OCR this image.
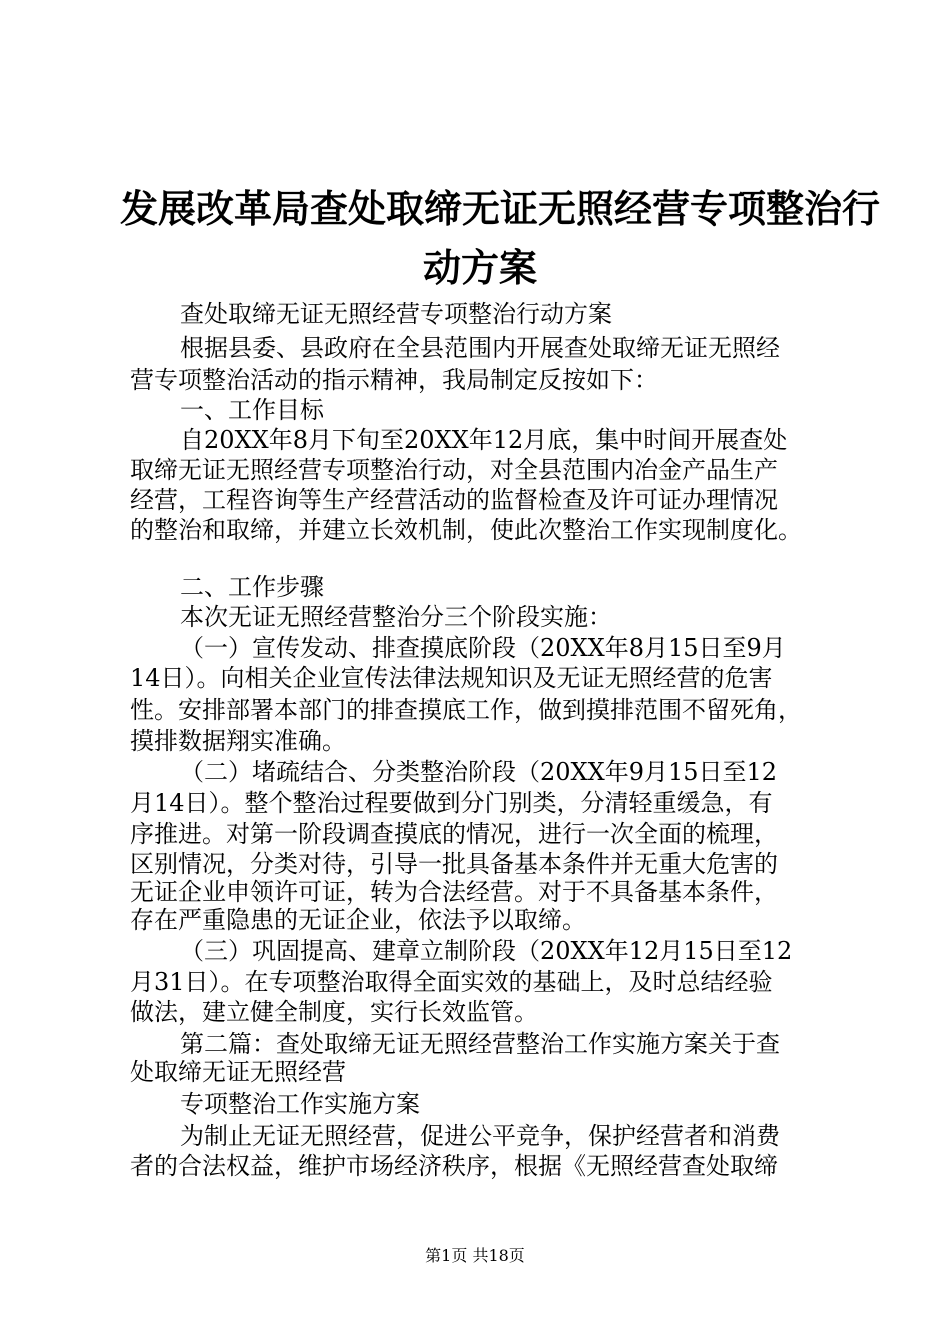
发展改革局查处取缔无证无照经营专项整治行
动方案
查处取缔无证无照经营专项整治行动方案
根据县委、县政府在全县范围内开展查处取缔无证无照经
营专项整治活动的指示精神，我局制定反按如下：
一、工作目标
自20XX年8月下旬至20XX年12月底，集中时间开展查处
取缔无证无照经营专项整治行动，对全县范围内冶金产品生产
经营，工程咨询等生产经营活动的监督检查及许可证办理情况
的整治和取缔，并建立长效机制，使此次整治工作实现制度化。
二、工作步骤
本次无证无照经营整治分三个阶段实施：
（一）宣传发动、排查摸底阶段（20XX年8月15日至9月
14日）。向相关企业宣传法律法规知识及无证无照经营的危害
性。安排部署本部门的排查摸底工作，做到摸排范围不留死角，
摸排数据翔实准确。
（二）堵疏结合、分类整治阶段（20XX年9月15日至12
月14日）。整个整治过程要做到分门别类，分清轻重缓急，有
序推进。对第一阶段调查摸底的情况，进行一次全面的梳理，
区别情况，分类对待，引导一批具备基本条件并无重大危害的
无证企业申领许可证，转为合法经营。对于不具备基本条件，
存在严重隐患的无证企业，依法予以取缔。
（三）巩固提高、建章立制阶段（20XX年12月15日至12
月31日）。在专项整治取得全面实效的基础上，及时总结经验
做法，建立健全制度，实行长效监管。
第二篇：查处取缔无证无照经营整治工作实施方案关于查
处取缔无证无照经营
专项整治工作实施方案
为制止无证无照经营，促进公平竞争，保护经营者和消费
者的合法权益，维护市场经济秩序，根据《无照经营查处取缔
第1页 共18页
